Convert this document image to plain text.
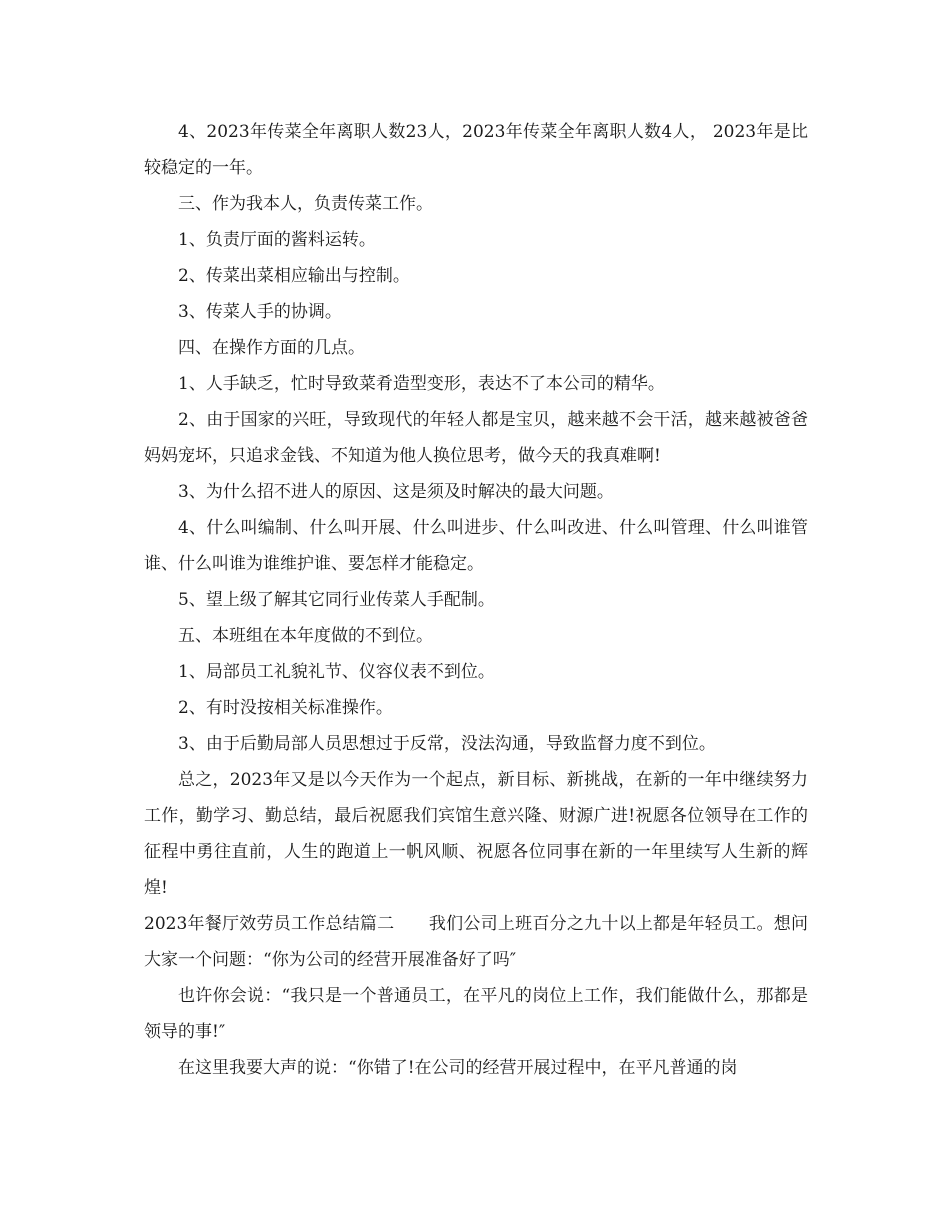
4、2023年传菜全年离职人数23人，2023年传菜全年离职人数4人， 2023年是比较稳定的一年。

三、作为我本人，负责传菜工作。

1、负责厅面的酱料运转。

2、传菜出菜相应输出与控制。

3、传菜人手的协调。

四、在操作方面的几点。

1、人手缺乏，忙时导致菜肴造型变形，表达不了本公司的精华。

2、由于国家的兴旺，导致现代的年轻人都是宝贝，越来越不会干活，越来越被爸爸妈妈宠坏，只追求金钱、不知道为他人换位思考，做今天的我真难啊!

3、为什么招不进人的原因、这是须及时解决的最大问题。

4、什么叫编制、什么叫开展、什么叫进步、什么叫改进、什么叫管理、什么叫谁管谁、什么叫谁为谁维护谁、要怎样才能稳定。

5、望上级了解其它同行业传菜人手配制。

五、本班组在本年度做的不到位。

1、局部员工礼貌礼节、仪容仪表不到位。

2、有时没按相关标准操作。

3、由于后勤局部人员思想过于反常，没法沟通，导致监督力度不到位。

总之，2023年又是以今天作为一个起点，新目标、新挑战，在新的一年中继续努力工作，勤学习、勤总结，最后祝愿我们宾馆生意兴隆、财源广进!祝愿各位领导在工作的征程中勇往直前，人生的跑道上一帆风顺、祝愿各位同事在新的一年里续写人生新的辉煌!

2023年餐厅效劳员工作总结篇二　　我们公司上班百分之九十以上都是年轻员工。想问大家一个问题：“你为公司的经营开展准备好了吗″

也许你会说：“我只是一个普通员工，在平凡的岗位上工作，我们能做什么，那都是领导的事!″

在这里我要大声的说：“你错了!在公司的经营开展过程中，在平凡普通的岗
